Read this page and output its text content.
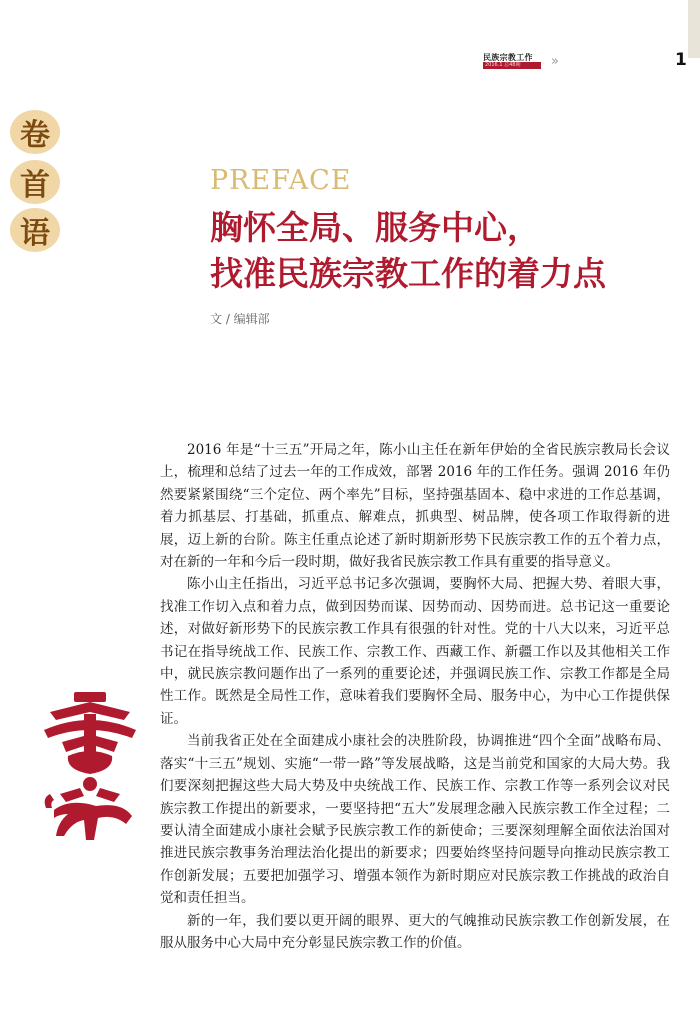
民族宗教工作
2016.1 总48期	»	1
卷
首
语
PREFACE
胸怀全局、服务中心，
找准民族宗教工作的着力点
文 / 编辑部

2016 年是“十三五”开局之年，陈小山主任在新年伊始的全省民族宗教局长会议上，梳理和总结了过去一年的工作成效，部署 2016 年的工作任务。强调 2016 年仍然要紧紧围绕“三个定位、两个率先”目标，坚持强基固本、稳中求进的工作总基调，着力抓基层、打基础，抓重点、解难点，抓典型、树品牌，使各项工作取得新的进展，迈上新的台阶。陈主任重点论述了新时期新形势下民族宗教工作的五个着力点，对在新的一年和今后一段时期，做好我省民族宗教工作具有重要的指导意义。

陈小山主任指出，习近平总书记多次强调，要胸怀大局、把握大势、着眼大事，找准工作切入点和着力点，做到因势而谋、因势而动、因势而进。总书记这一重要论述，对做好新形势下的民族宗教工作具有很强的针对性。党的十八大以来，习近平总书记在指导统战工作、民族工作、宗教工作、西藏工作、新疆工作以及其他相关工作中，就民族宗教问题作出了一系列的重要论述，并强调民族工作、宗教工作都是全局性工作。既然是全局性工作，意味着我们要胸怀全局、服务中心，为中心工作提供保证。

当前我省正处在全面建成小康社会的决胜阶段，协调推进“四个全面”战略布局、落实“十三五”规划、实施“一带一路”等发展战略，这是当前党和国家的大局大势。我们要深刻把握这些大局大势及中央统战工作、民族工作、宗教工作等一系列会议对民族宗教工作提出的新要求，一要坚持把“五大”发展理念融入民族宗教工作全过程；二要认清全面建成小康社会赋予民族宗教工作的新使命；三要深刻理解全面依法治国对推进民族宗教事务治理法治化提出的新要求；四要始终坚持问题导向推动民族宗教工作创新发展；五要把加强学习、增强本领作为新时期应对民族宗教工作挑战的政治自觉和责任担当。

新的一年，我们要以更开阔的眼界、更大的气魄推动民族宗教工作创新发展，在服从服务中心大局中充分彰显民族宗教工作的价值。
